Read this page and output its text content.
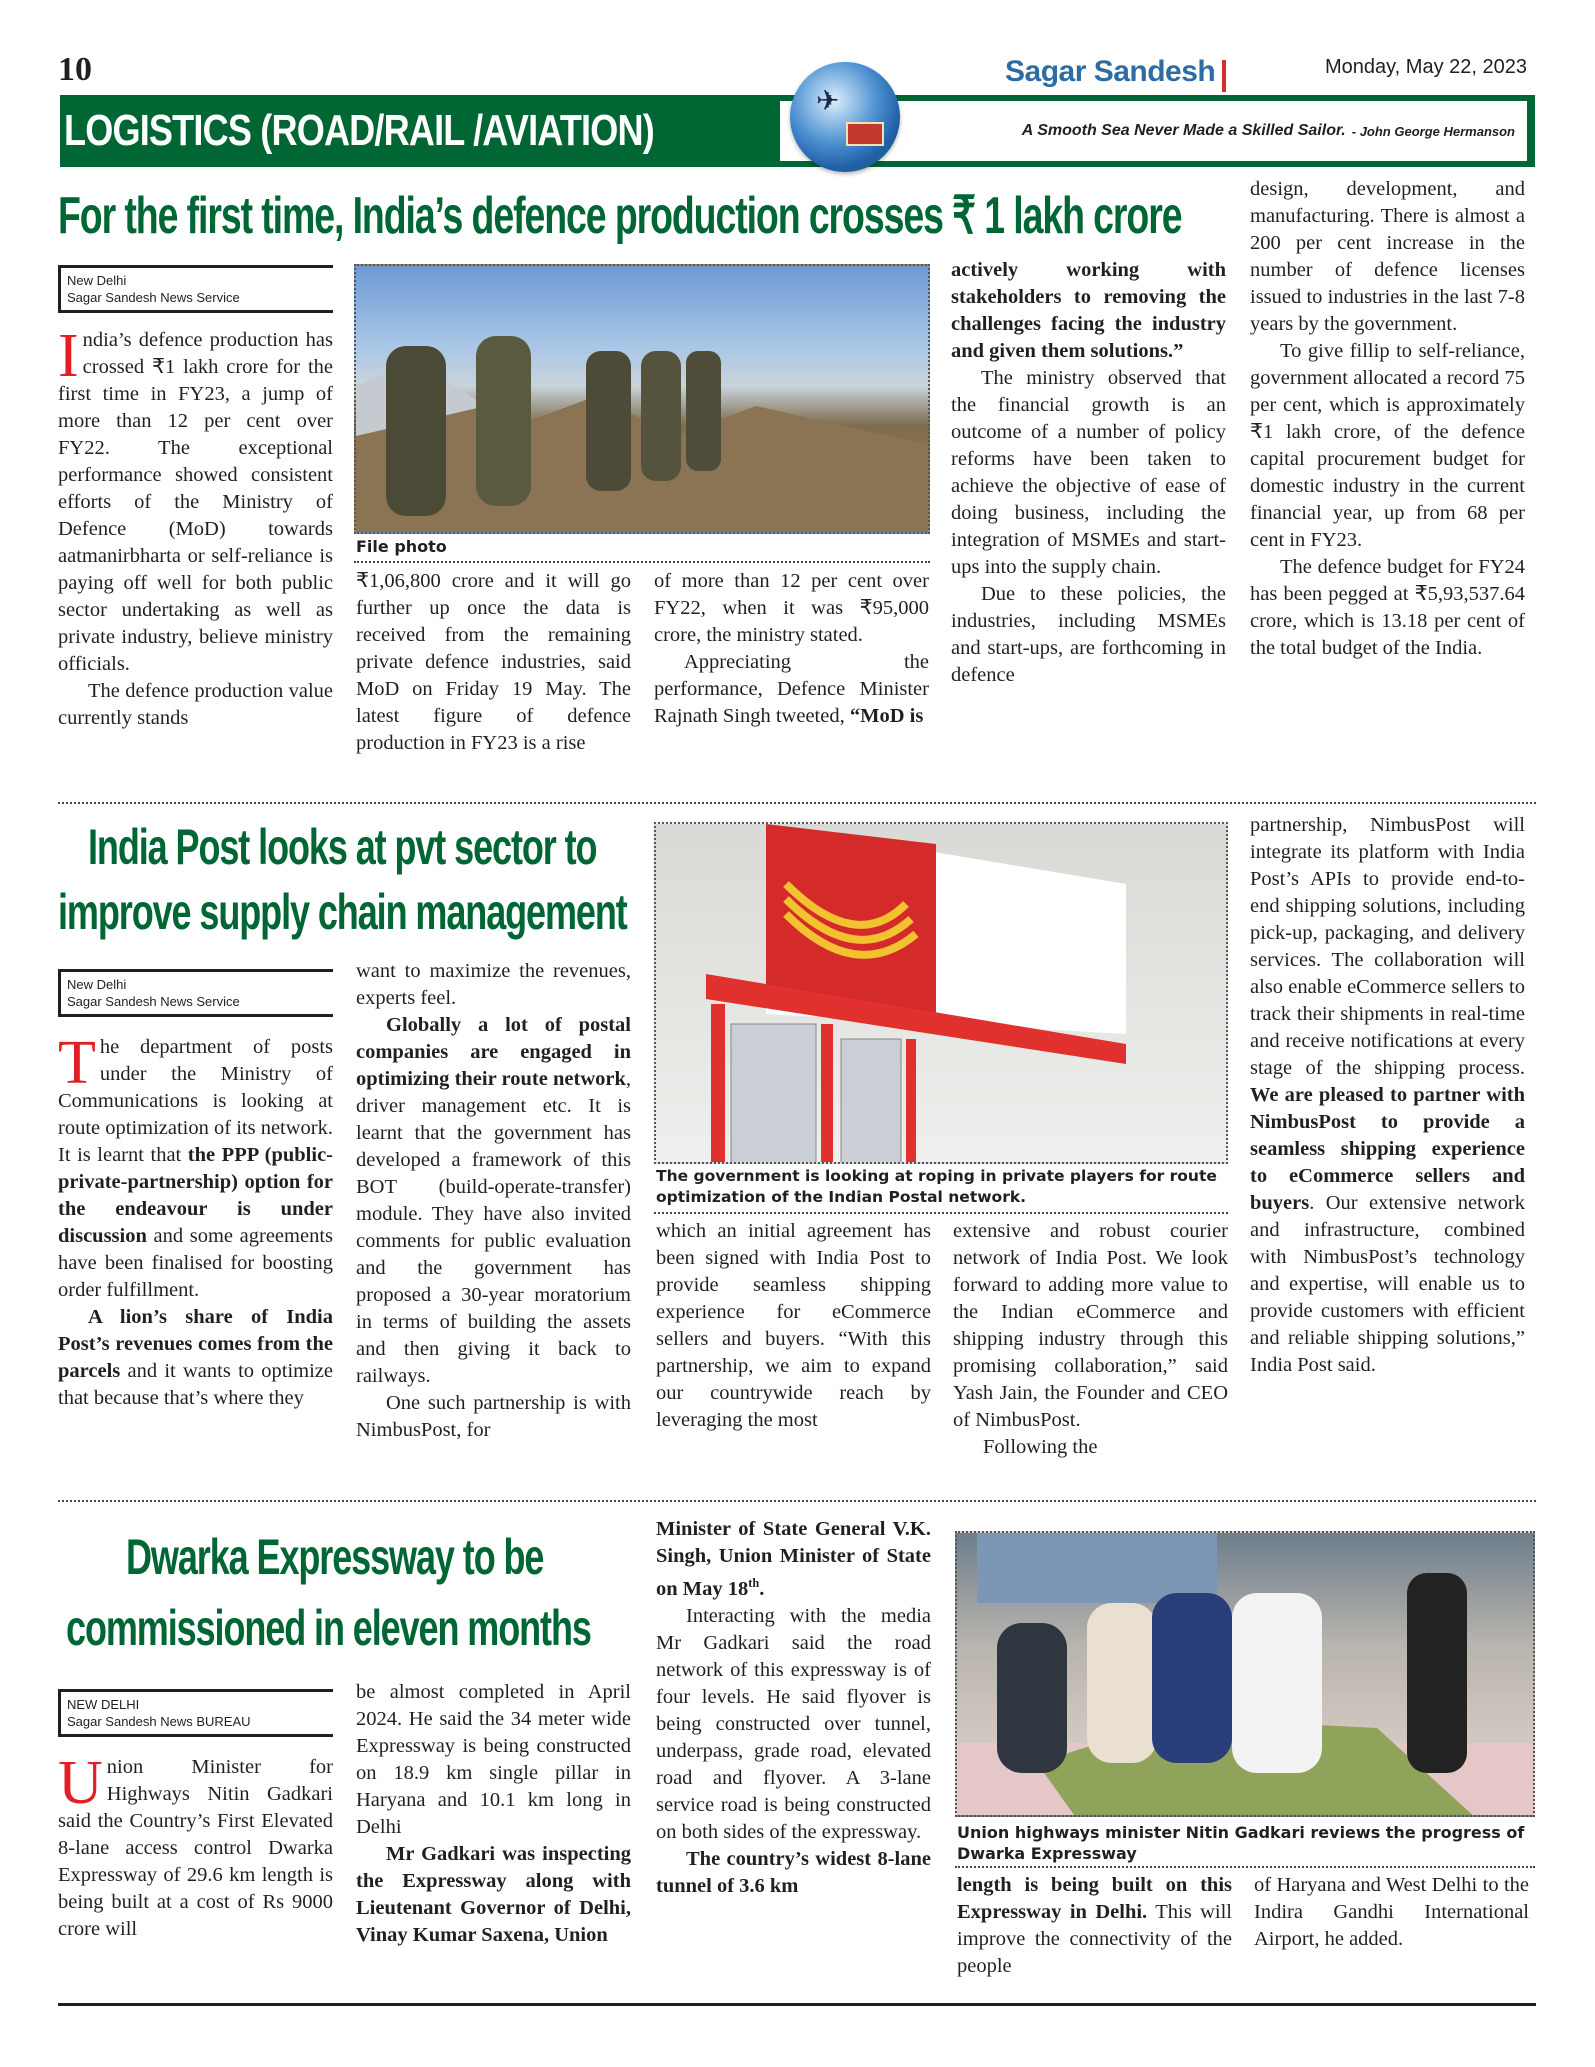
10
LOGISTICS (ROAD/RAIL /AVIATION)	A Smooth Sea Never Made a Skilled Sailor. - John George Hermanson
✈
Sagar Sandesh	Monday, May 22, 2023
For the first time, India’s defence production crosses ₹ 1 lakh crore
New Delhi
Sagar Sandesh News Service
I ndia’s defence production has crossed ₹1 lakh crore for the first time in FY23, a jump of more than 12 per cent over FY22. The exceptional performance showed consistent efforts of the Ministry of Defence (MoD) towards aatmanirbharta or self-reliance is paying off well for both public sector undertaking as well as private industry, believe ministry officials.

The defence production value currently stands

File photo

₹1,06,800 crore and it will go further up once the data is received from the remaining private defence industries, said MoD on Friday 19 May. The latest figure of defence production in FY23 is a rise

of more than 12 per cent over FY22, when it was ₹95,000 crore, the ministry stated.

Appreciating the performance, Defence Minister Rajnath Singh tweeted, “MoD is

actively working with stakeholders to removing the challenges facing the industry and given them solutions.”

The ministry observed that the financial growth is an outcome of a number of policy reforms have been taken to achieve the objective of ease of doing business, including the integration of MSMEs and start-ups into the supply chain.

Due to these policies, the industries, including MSMEs and start-ups, are forthcoming in defence

design, development, and manufacturing. There is almost a 200 per cent increase in the number of defence licenses issued to industries in the last 7-8 years by the government.

To give fillip to self-reliance, government allocated a record 75 per cent, which is approximately ₹1 lakh crore, of the defence capital procurement budget for domestic industry in the current financial year, up from 68 per cent in FY23.

The defence budget for FY24 has been pegged at ₹5,93,537.64 crore, which is 13.18 per cent of the total budget of the India.

India Post looks at pvt sector to
improve supply chain management
New Delhi
Sagar Sandesh News Service
T he department of posts under the Ministry of Communications is looking at route optimization of its network. It is learnt that the PPP (public-private-partnership) option for the endeavour is under discussion and some agreements have been finalised for boosting order fulfillment.

A lion’s share of India Post’s revenues comes from the parcels and it wants to optimize that because that’s where they

want to maximize the revenues, experts feel.

Globally a lot of postal companies are engaged in optimizing their route network, driver management etc. It is learnt that the government has developed a framework of this BOT (build-operate-transfer) module. They have also invited comments for public evaluation and the government has proposed a 30-year moratorium in terms of building the assets and then giving it back to railways.

One such partnership is with NimbusPost, for

The government is looking at roping in private players for route optimization of the Indian Postal network.

which an initial agreement has been signed with India Post to provide seamless shipping experience for eCommerce sellers and buyers. “With this partnership, we aim to expand our countrywide reach by leveraging the most

extensive and robust courier network of India Post. We look forward to adding more value to the Indian eCommerce and shipping industry through this promising collaboration,” said Yash Jain, the Founder and CEO of NimbusPost.

Following the

partnership, NimbusPost will integrate its platform with India Post’s APIs to provide end-to-end shipping solutions, including pick-up, packaging, and delivery services. The collaboration will also enable eCommerce sellers to track their shipments in real-time and receive notifications at every stage of the shipping process. We are pleased to partner with NimbusPost to provide a seamless shipping experience to eCommerce sellers and buyers. Our extensive network and infrastructure, combined with NimbusPost’s technology and expertise, will enable us to provide customers with efficient and reliable shipping solutions,” India Post said.

Dwarka Expressway to be
commissioned in eleven months
NEW DELHI
Sagar Sandesh News BUREAU
U nion Minister for Highways Nitin Gadkari said the Country’s First Elevated 8-lane access control Dwarka Expressway of 29.6 km length is being built at a cost of Rs 9000 crore will

be almost completed in April 2024. He said the 34 meter wide Expressway is being constructed on 18.9 km single pillar in Haryana and 10.1 km long in Delhi

Mr Gadkari was inspecting the Expressway along with Lieutenant Governor of Delhi, Vinay Kumar Saxena, Union

Minister of State General V.K. Singh, Union Minister of State on May 18th.

Interacting with the media Mr Gadkari said the road network of this expressway is of four levels. He said flyover is being constructed over tunnel, underpass, grade road, elevated road and flyover. A 3-lane service road is being constructed on both sides of the expressway.

The country’s widest 8-lane tunnel of 3.6 km

Union highways minister Nitin Gadkari reviews the progress of Dwarka Expressway

length is being built on this Expressway in Delhi. This will improve the connectivity of the people

of Haryana and West Delhi to the Indira Gandhi International Airport, he added.
